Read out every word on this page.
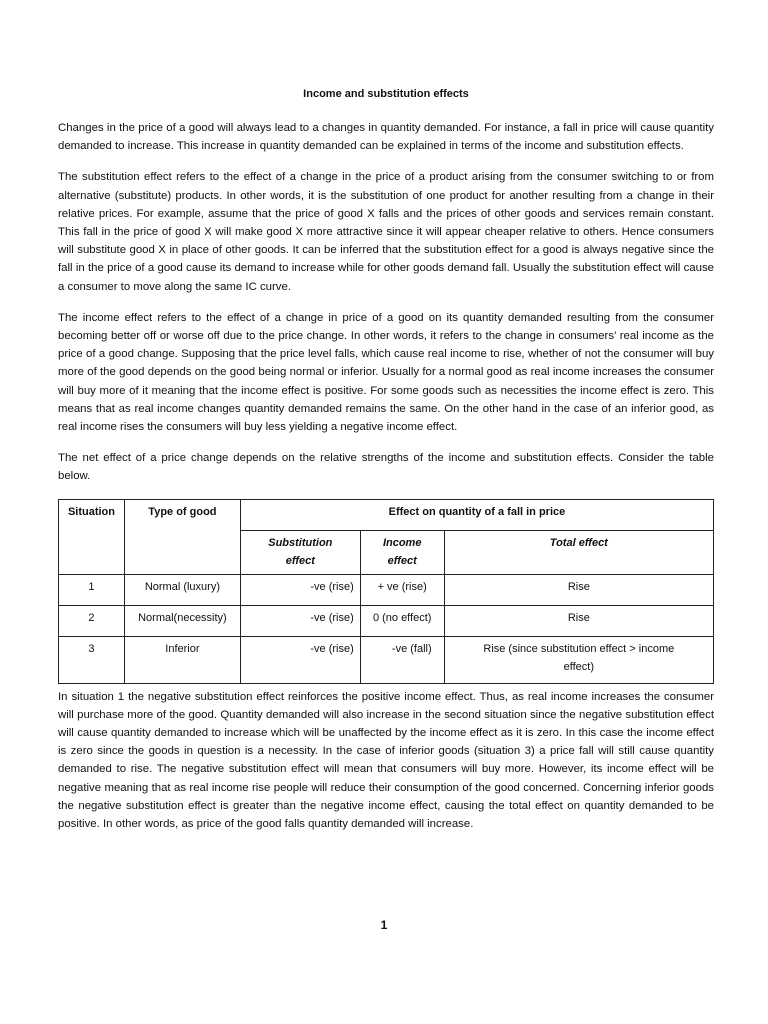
Income and substitution effects

Changes in the price of a good will always lead to a changes in quantity demanded. For instance, a fall in price will cause quantity demanded to increase. This increase in quantity demanded can be explained in terms of the income and substitution effects.

The substitution effect refers to the effect of a change in the price of a product arising from the consumer switching to or from alternative (substitute) products. In other words, it is the substitution of one product for another resulting from a change in their relative prices. For example, assume that the price of good X falls and the prices of other goods and services remain constant. This fall in the price of good X will make good X more attractive since it will appear cheaper relative to others. Hence consumers will substitute good X in place of other goods. It can be inferred that the substitution effect for a good is always negative since the fall in the price of a good cause its demand to increase while for other goods demand fall. Usually the substitution effect will cause a consumer to move along the same IC curve.

The income effect refers to the effect of a change in price of a good on its quantity demanded resulting from the consumer becoming better off or worse off due to the price change. In other words, it refers to the change in consumers’ real income as the price of a good change. Supposing that the price level falls, which cause real income to rise, whether of not the consumer will buy more of the good depends on the good being normal or inferior. Usually for a normal good as real income increases the consumer will buy more of it meaning that the income effect is positive. For some goods such as necessities the income effect is zero. This means that as real income changes quantity demanded remains the same. On the other hand in the case of an inferior good, as real income rises the consumers will buy less yielding a negative income effect.

The net effect of a price change depends on the relative strengths of the income and substitution effects. Consider the table below.

Situation	Type of good	Effect on quantity of a fall in price		
		Substitution effect	Income effect	Total effect
1	Normal (luxury)	-ve (rise)	+ ve (rise)	Rise
2	Normal(necessity)	-ve (rise)	0 (no effect)	Rise
3	Inferior	-ve (rise)	-ve (fall)	Rise (since substitution effect > income effect)

In situation 1 the negative substitution effect reinforces the positive income effect. Thus, as real income increases the consumer will purchase more of the good. Quantity demanded will also increase in the second situation since the negative substitution effect will cause quantity demanded to increase which will be unaffected by the income effect as it is zero. In this case the income effect is zero since the goods in question is a necessity. In the case of inferior goods (situation 3) a price fall will still cause quantity demanded to rise. The negative substitution effect will mean that consumers will buy more. However, its income effect will be negative meaning that as real income rise people will reduce their consumption of the good concerned. Concerning inferior goods the negative substitution effect is greater than the negative income effect, causing the total effect on quantity demanded to be positive. In other words, as price of the good falls quantity demanded will increase.

1
